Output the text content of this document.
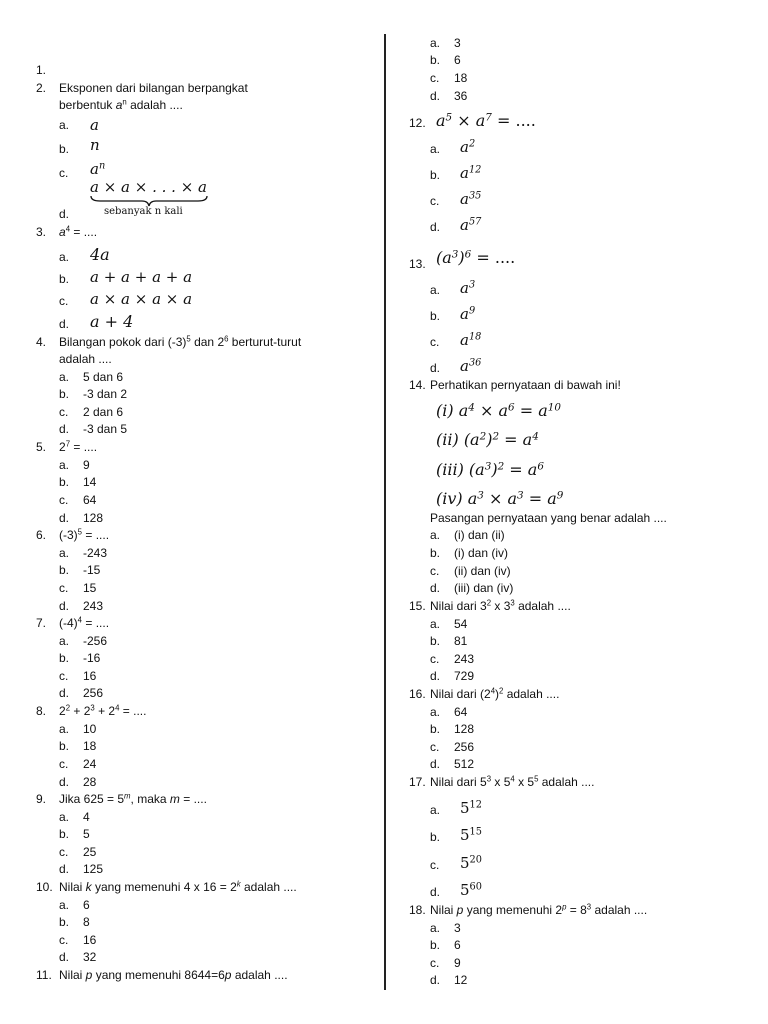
1.
2. Eksponen dari bilangan berpangkat
berbentuk $a^n$ adalah ....
a. a
b. n
c. $a^n$
a × a × . . . × a
sebanyak n kali
d.
3. $a^4$ = ....
a. 4a
b. a + a + a + a
c. a × a × a × a
d. a + 4
4. Bilangan pokok dari $(-3)^5$ dan $2^6$ berturut-turut
adalah ....
a. 5 dan 6
b. -3 dan 2
c. 2 dan 6
d. -3 dan 5
5. $2^7$ = ....
a. 9
b. 14
c. 64
d. 128
6. $(-3)^5$ = ....
a. -243
b. -15
c. 15
d. 243
7. $(-4)^4$ = ....
a. -256
b. -16
c. 16
d. 256
8. $2^2 + 2^3 + 2^4$ = ....
a. 10
b. 18
c. 24
d. 28
9. Jika $625 = 5^m$, maka m = ....
a. 4
b. 5
c. 25
d. 125
10. Nilai k yang memenuhi 4 x $16 = 2^k$ adalah ....
a. 6
b. 8
c. 16
d. 32
11. Nilai p yang memenuhi 8644=6p adalah ....
a. 3
b. 6
c. 18
d. 36
12. $a^5 \times a^7$ = ....
a. $a^2$
b. $a^{12}$
c. $a^{35}$
d. $a^{57}$
13. $(a^3)^6$ = ....
a. $a^3$
b. $a^9$
c. $a^{18}$
d. $a^{36}$
14. Perhatikan pernyataan di bawah ini!
(i) $a^4 \times a^6 = a^{10}$
(ii) $(a^2)^2 = a^4$
(iii) $(a^3)^2 = a^6$
(iv) $a^3 \times a^3 = a^9$
Pasangan pernyataan yang benar adalah ....
a. (i) dan (ii)
b. (i) dan (iv)
c. (ii) dan (iv)
d. (iii) dan (iv)
15. Nilai dari $3^2$ x $3^3$ adalah ....
a. 54
b. 81
c. 243
d. 729
16. Nilai dari $(2^4)^2$ adalah ....
a. 64
b. 128
c. 256
d. 512
17. Nilai dari $5^3$ x $5^4$ x $5^5$ adalah ....
a. $5^{12}$
b. $5^{15}$
c. $5^{20}$
d. $5^{60}$
18. Nilai p yang memenuhi $2^p = 8^3$ adalah ....
a. 3
b. 6
c. 9
d. 12
